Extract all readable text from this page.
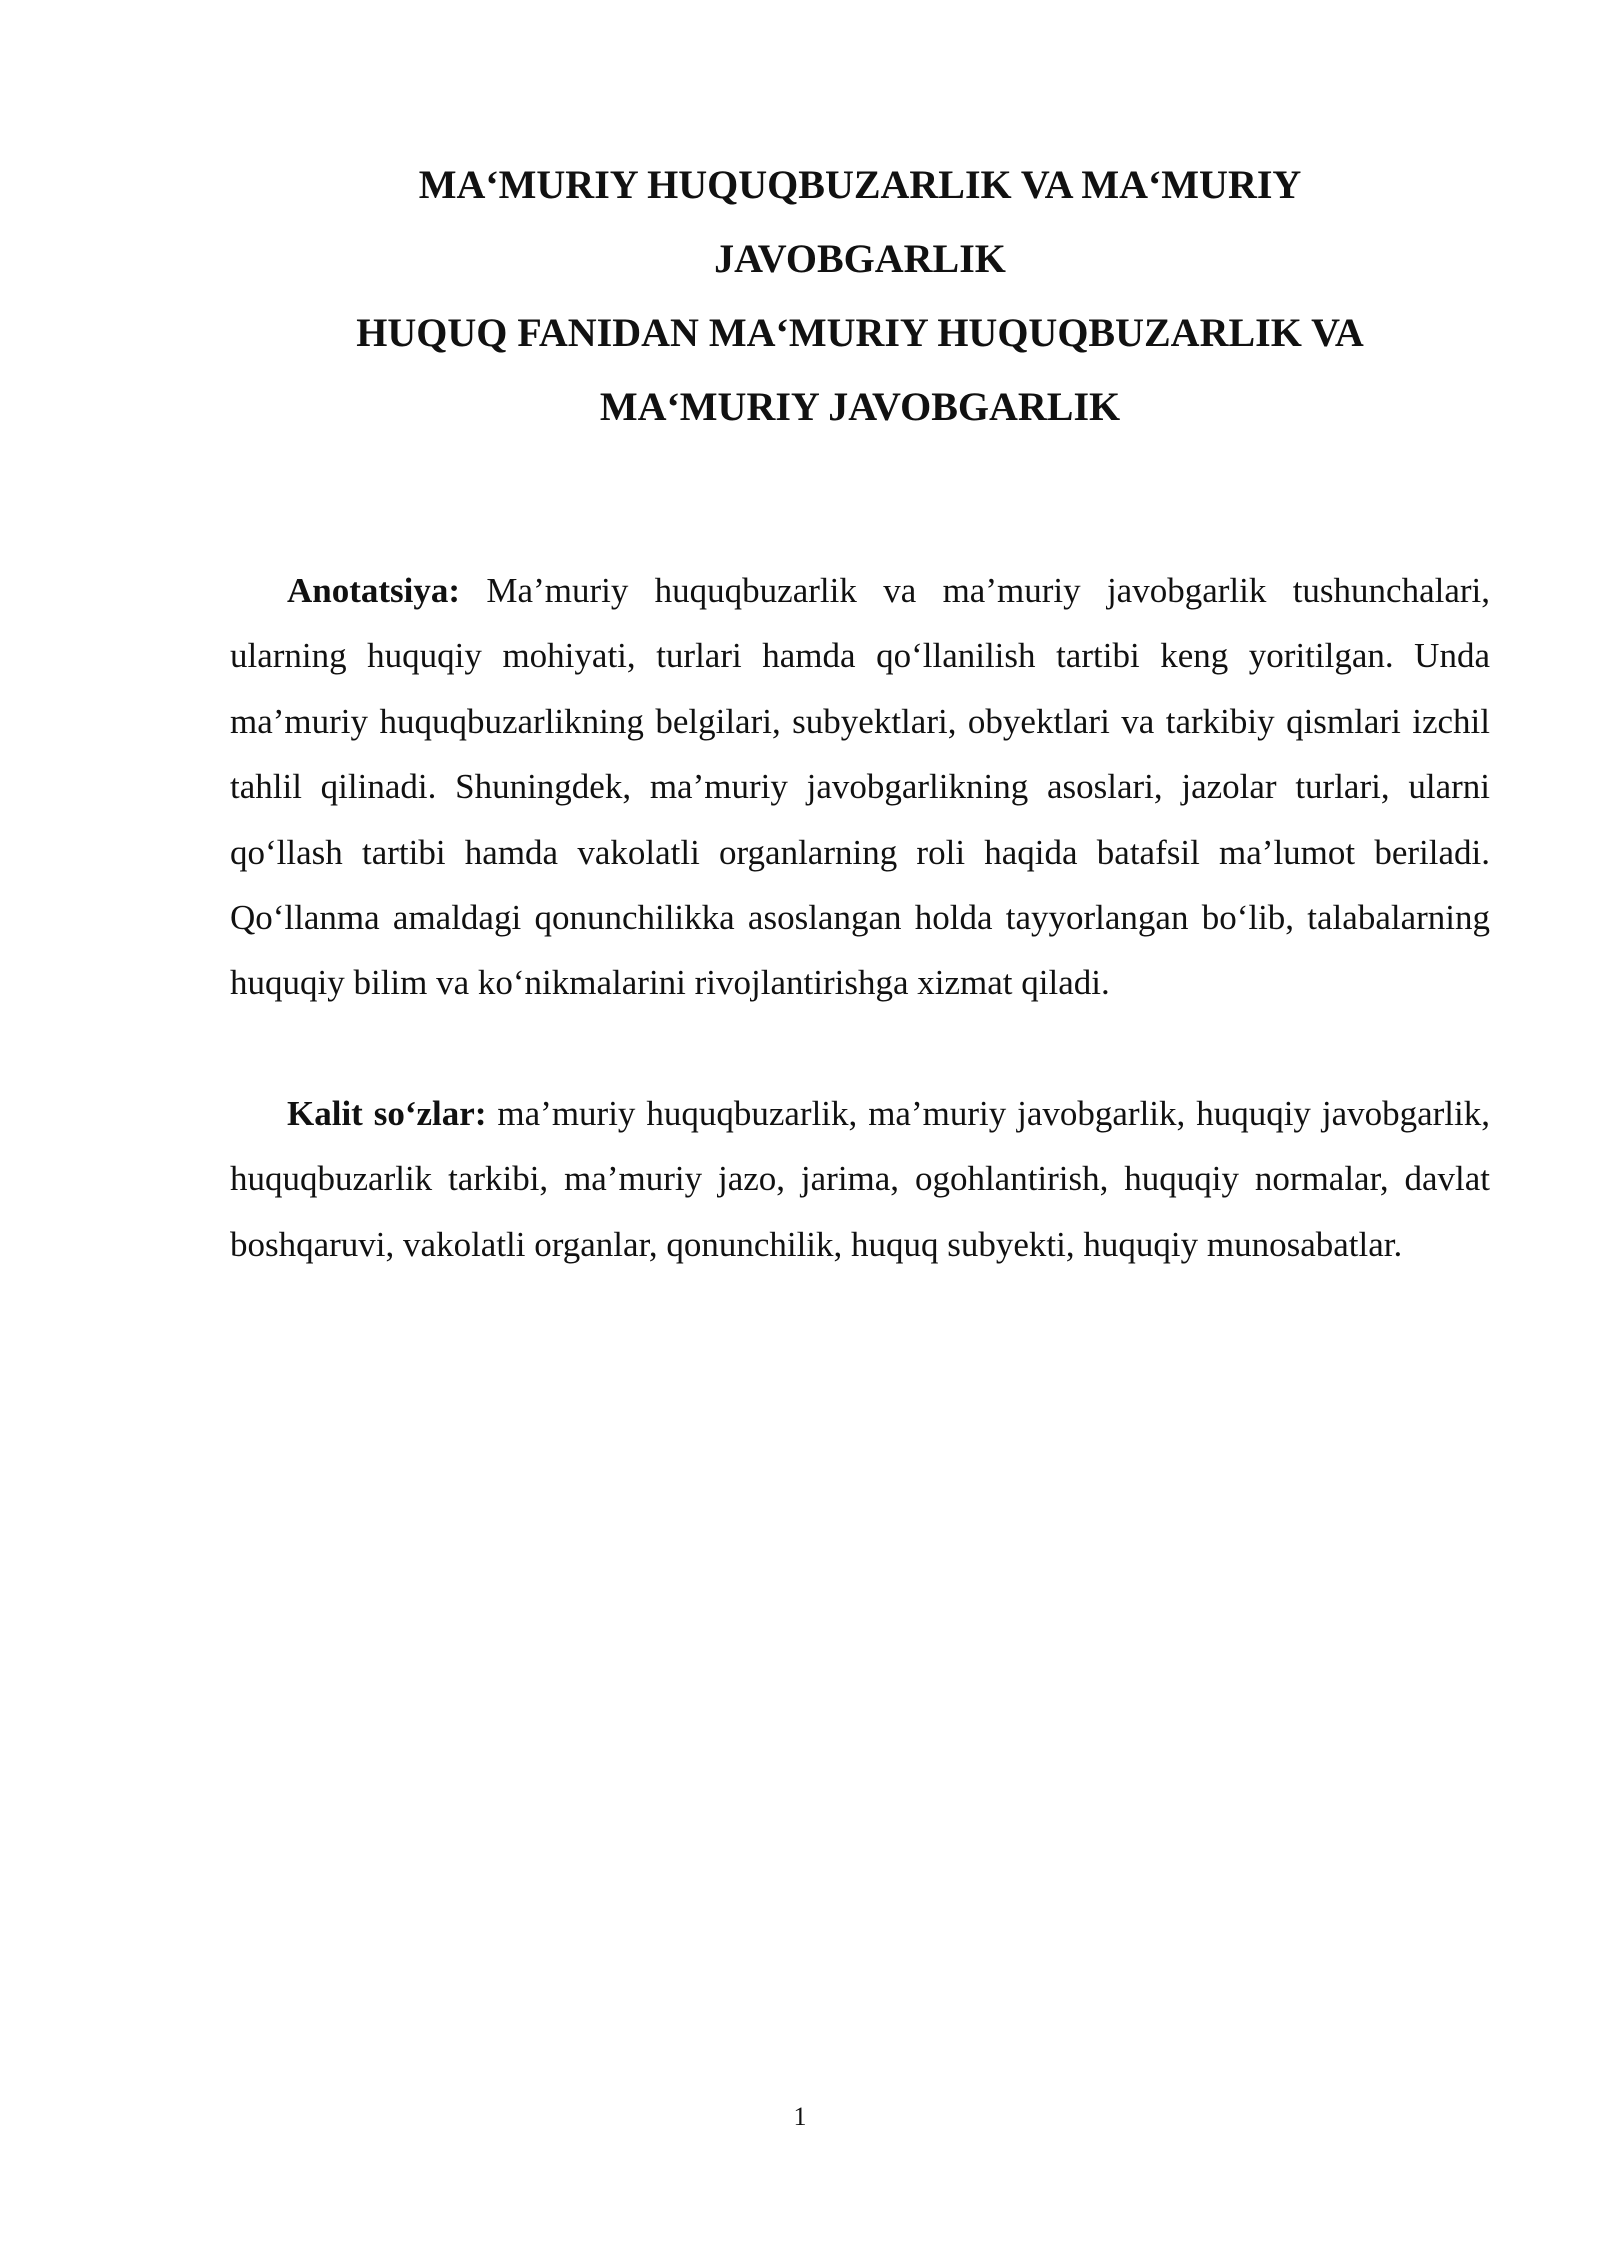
MA‘MURIY HUQUQBUZARLIK VA MA‘MURIY
JAVOBGARLIK
HUQUQ FANIDAN MA‘MURIY HUQUQBUZARLIK VA
MA‘MURIY JAVOBGARLIK

Anotatsiya: Ma’muriy huquqbuzarlik va ma’muriy javobgarlik tushunchalari, ularning huquqiy mohiyati, turlari hamda qo‘llanilish tartibi keng yoritilgan. Unda ma’muriy huquqbuzarlikning belgilari, subyektlari, obyektlari va tarkibiy qismlari izchil tahlil qilinadi. Shuningdek, ma’muriy javobgarlikning asoslari, jazolar turlari, ularni qo‘llash tartibi hamda vakolatli organlarning roli haqida batafsil ma’lumot beriladi. Qo‘llanma amaldagi qonunchilikka asoslangan holda tayyorlangan bo‘lib, talabalarning huquqiy bilim va ko‘nikmalarini rivojlantirishga xizmat qiladi.

Kalit so‘zlar: ma’muriy huquqbuzarlik, ma’muriy javobgarlik, huquqiy javobgarlik, huquqbuzarlik tarkibi, ma’muriy jazo, jarima, ogohlantirish, huquqiy normalar, davlat boshqaruvi, vakolatli organlar, qonunchilik, huquq subyekti, huquqiy munosabatlar.

1
